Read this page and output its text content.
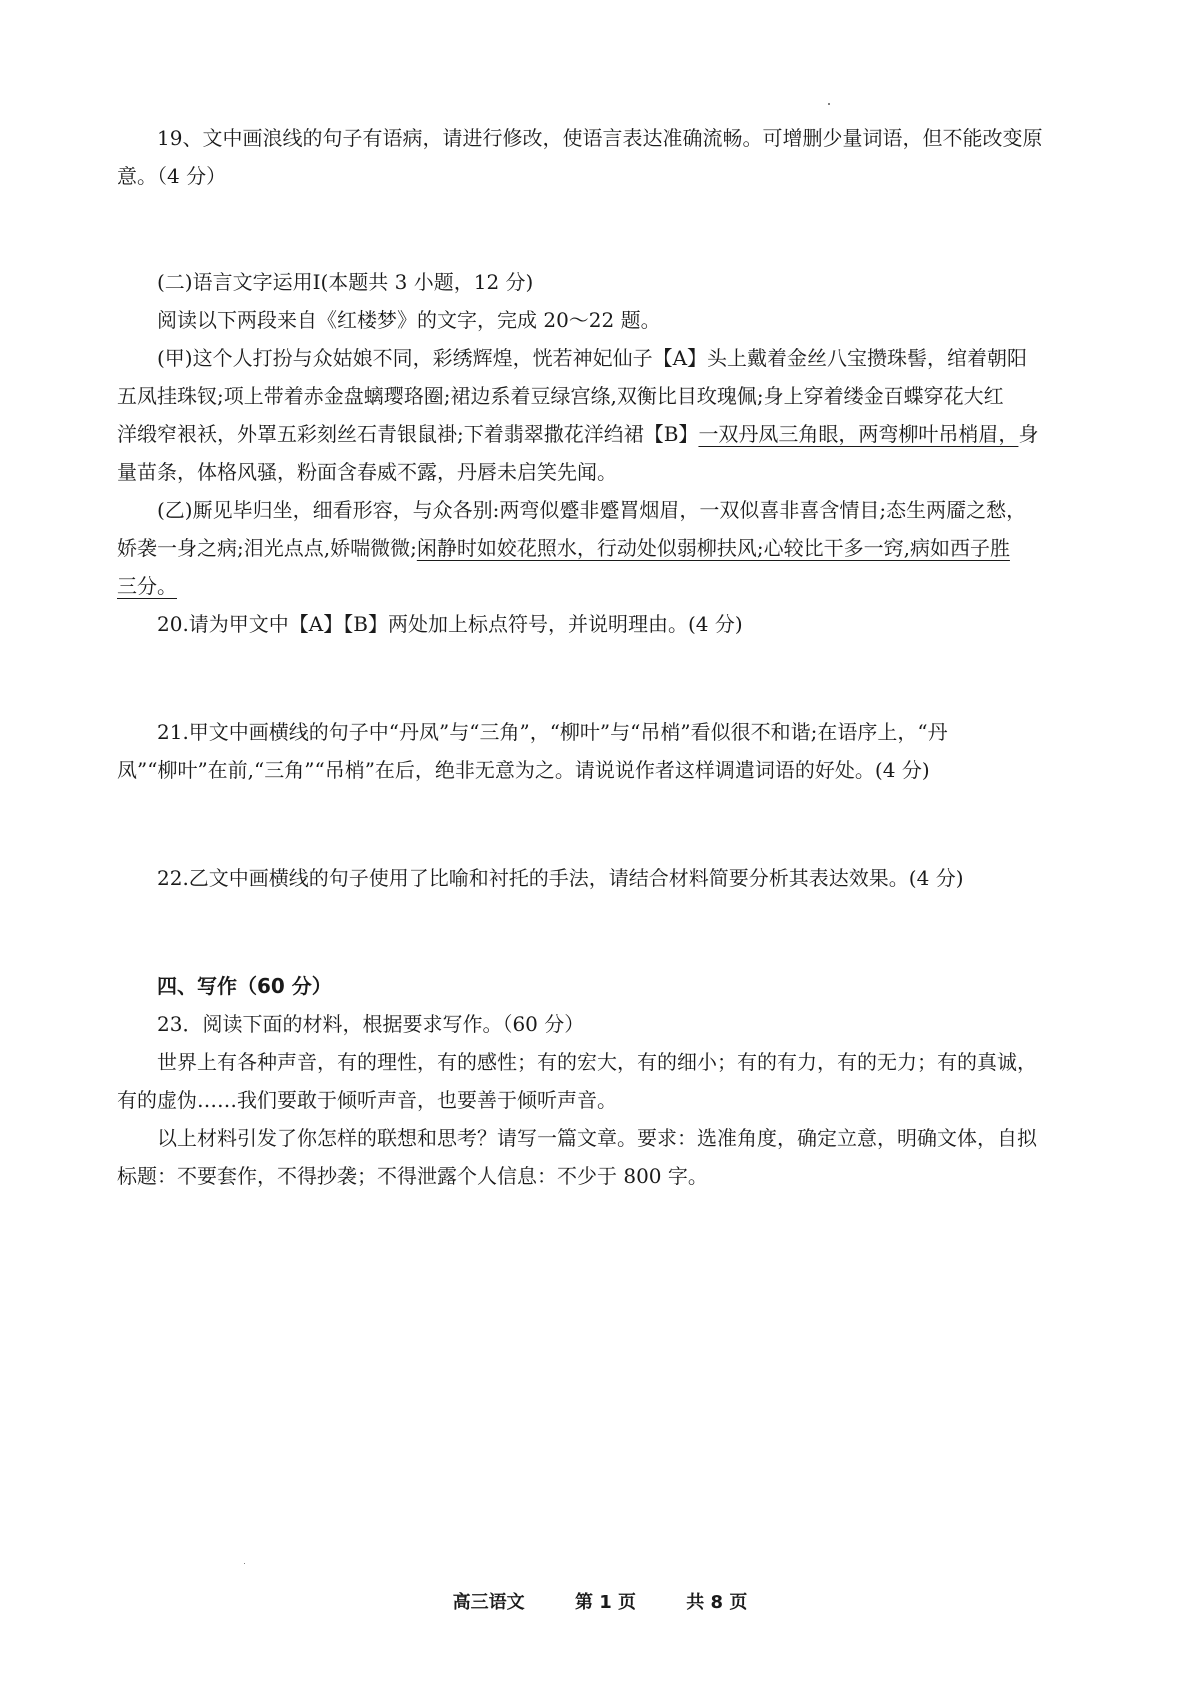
19、文中画浪线的句子有语病，请进行修改，使语言表达准确流畅。可增删少量词语，但不能改变原
意。（4 分）
(二)语言文字运用Ⅰ(本题共 3 小题，12 分)
阅读以下两段来自《红楼梦》的文字，完成 20～22 题。
(甲)这个人打扮与众姑娘不同，彩绣辉煌，恍若神妃仙子【A】头上戴着金丝八宝攒珠髻，绾着朝阳
五凤挂珠钗;项上带着赤金盘螭璎珞圈;裙边系着豆绿宫绦,双衡比目玫瑰佩;身上穿着缕金百蝶穿花大红
洋缎窄裉袄，外罩五彩刻丝石青银鼠褂;下着翡翠撒花洋绉裙【B】一双丹凤三角眼，两弯柳叶吊梢眉，身
量苗条，体格风骚，粉面含春威不露，丹唇未启笑先闻。
(乙)厮见毕归坐，细看形容，与众各别:两弯似蹙非蹙罥烟眉，一双似喜非喜含情目;态生两靥之愁，
娇袭一身之病;泪光点点,娇喘微微;闲静时如姣花照水，行动处似弱柳扶风;心较比干多一窍,病如西子胜
三分。
20.请为甲文中【A】【B】两处加上标点符号，并说明理由。(4 分)
21.甲文中画横线的句子中“丹凤”与“三角”，“柳叶”与“吊梢”看似很不和谐;在语序上，“丹
凤”“柳叶”在前,“三角”“吊梢”在后，绝非无意为之。请说说作者这样调遣词语的好处。(4 分)
22.乙文中画横线的句子使用了比喻和衬托的手法，请结合材料简要分析其表达效果。(4 分)
四、写作（60 分）
23．阅读下面的材料，根据要求写作。（60 分）
世界上有各种声音，有的理性，有的感性；有的宏大，有的细小；有的有力，有的无力；有的真诚，
有的虚伪……我们要敢于倾听声音，也要善于倾听声音。
以上材料引发了你怎样的联想和思考？请写一篇文章。要求：选准角度，确定立意，明确文体，自拟
标题：不要套作，不得抄袭；不得泄露个人信息：不少于 800 字。
高三语文	第 1 页	共 8 页
